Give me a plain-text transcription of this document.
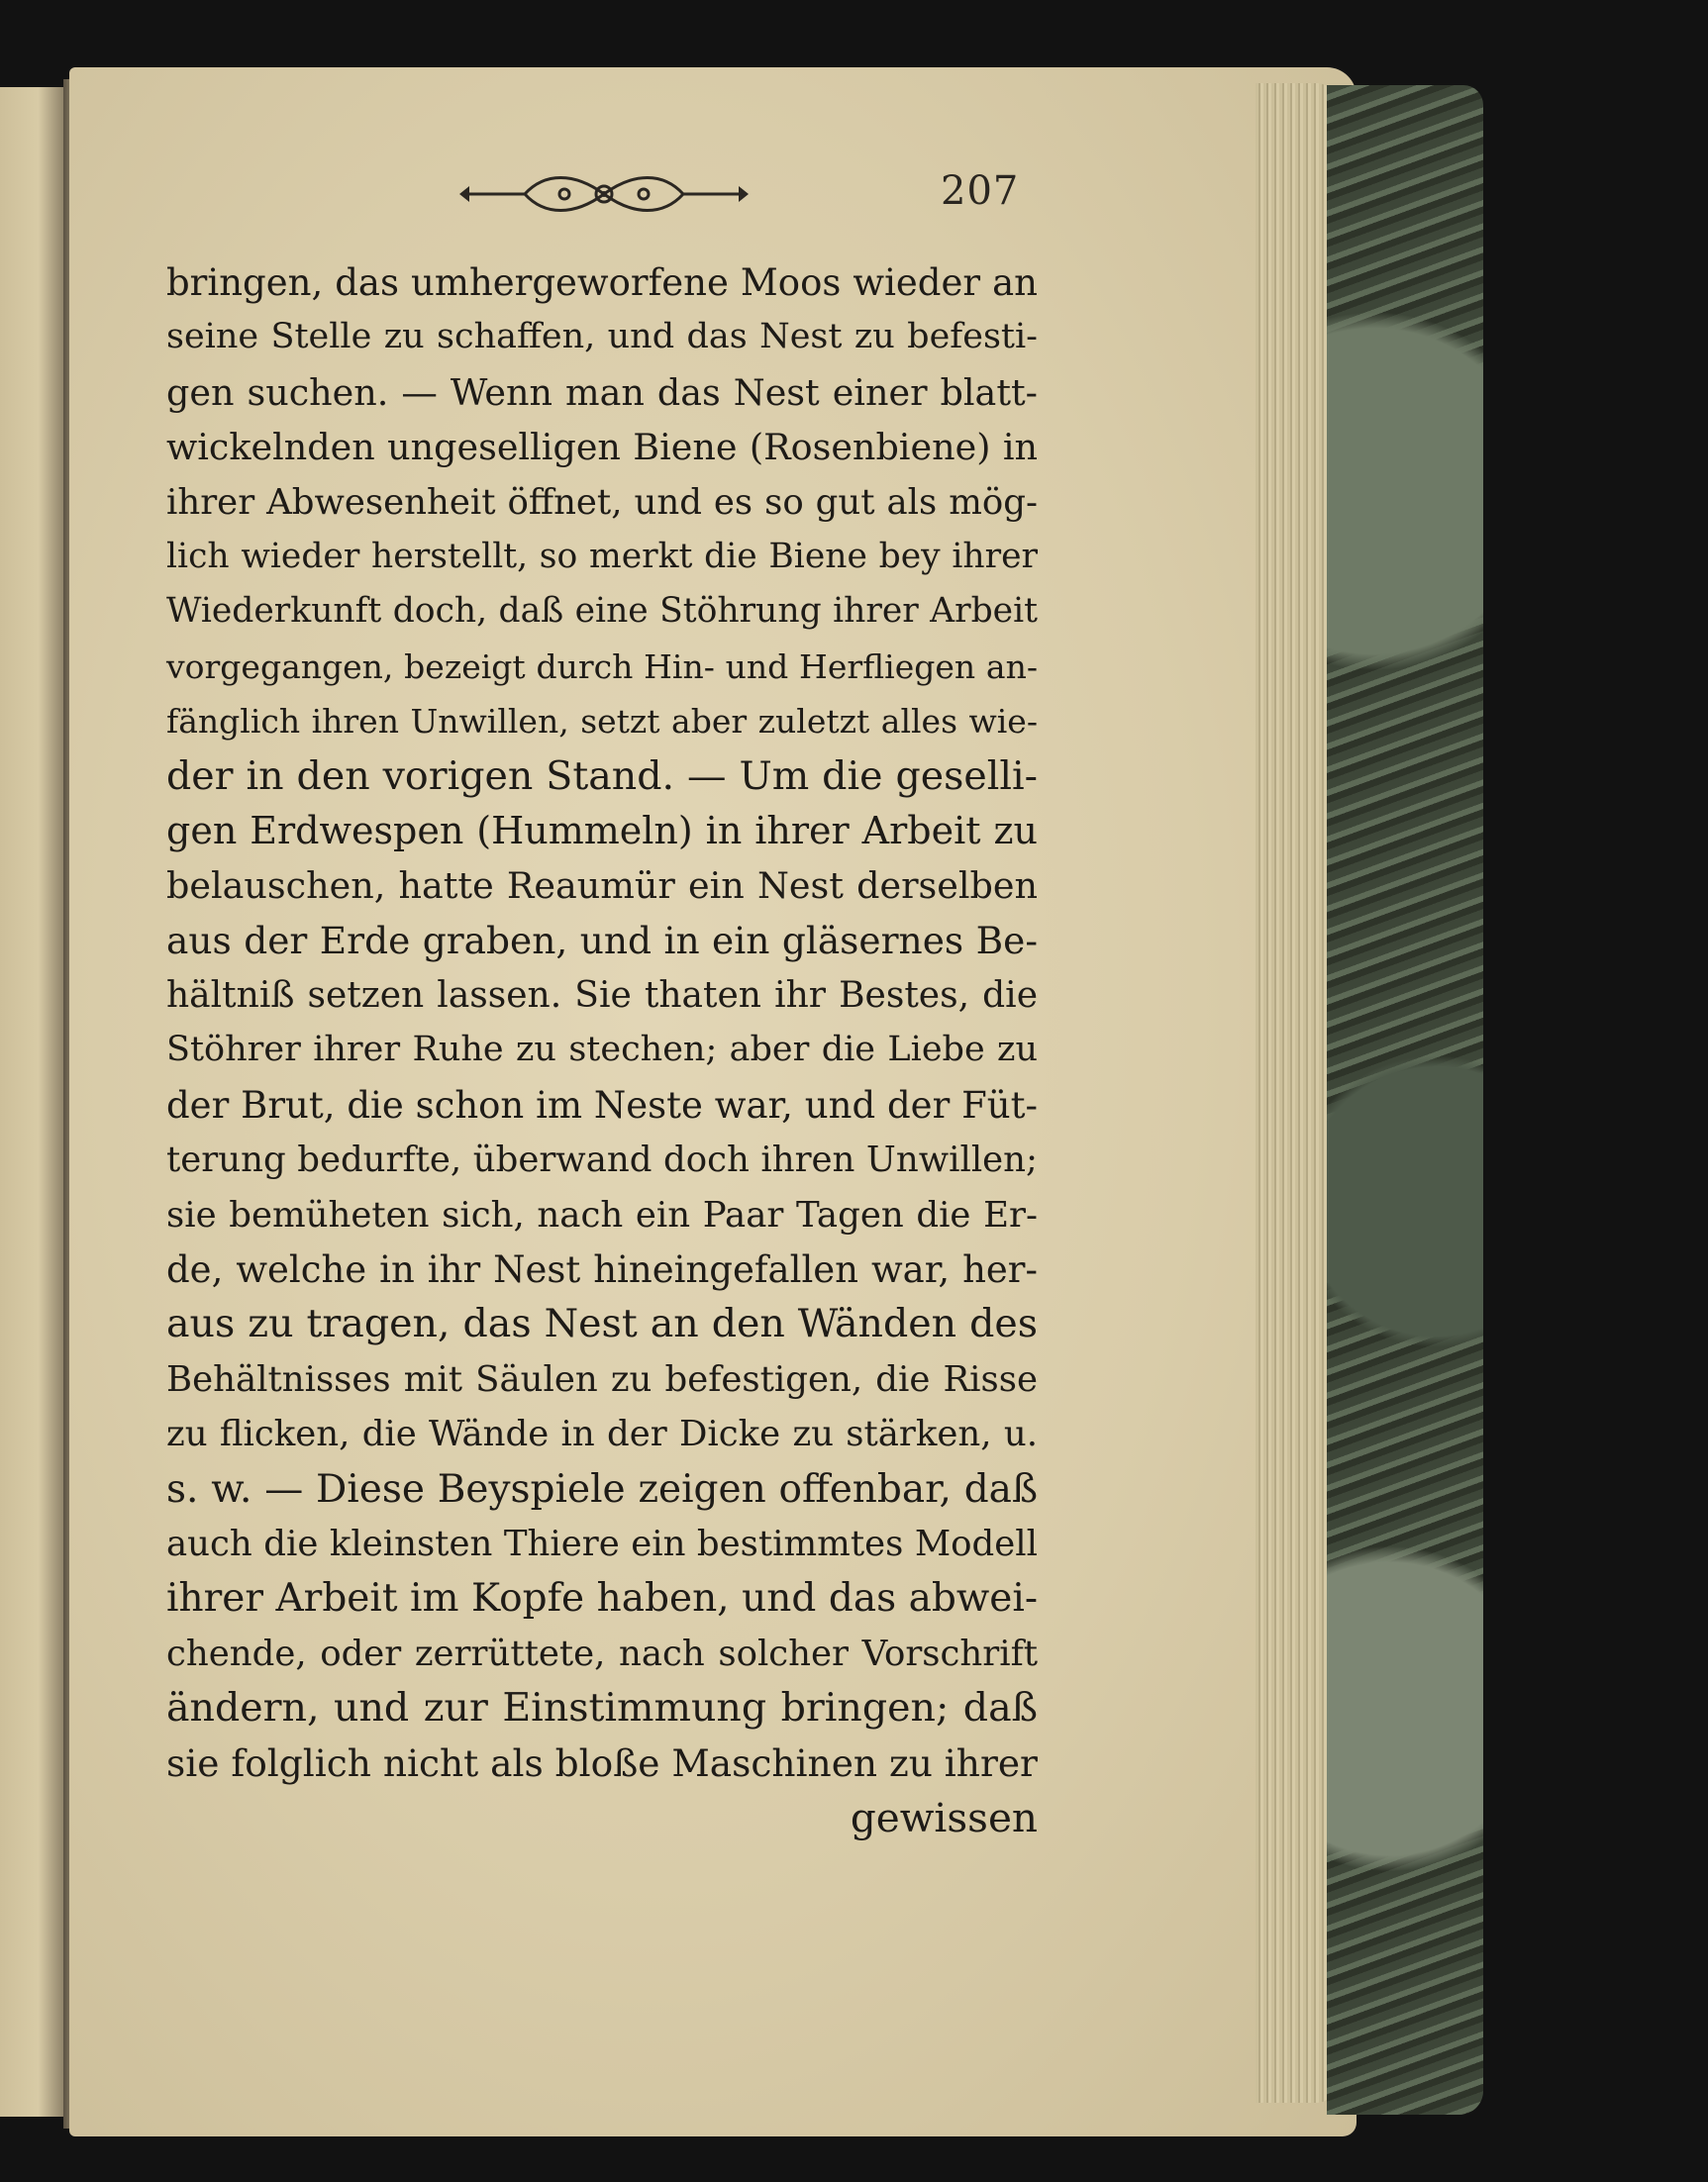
207
bringen, das umhergeworfene Moos wieder an
seine Stelle zu schaffen, und das Nest zu befesti-
gen suchen. — Wenn man das Nest einer blatt-
wickelnden ungeselligen Biene (Rosenbiene) in
ihrer Abwesenheit öffnet, und es so gut als mög-
lich wieder herstellt, so merkt die Biene bey ihrer
Wiederkunft doch, daß eine Stöhrung ihrer Arbeit
vorgegangen, bezeigt durch Hin- und Herfliegen an-
fänglich ihren Unwillen, setzt aber zuletzt alles wie-
der in den vorigen Stand. — Um die geselli-
gen Erdwespen (Hummeln) in ihrer Arbeit zu
belauschen, hatte Reaumür ein Nest derselben
aus der Erde graben, und in ein gläsernes Be-
hältniß setzen lassen. Sie thaten ihr Bestes, die
Stöhrer ihrer Ruhe zu stechen; aber die Liebe zu
der Brut, die schon im Neste war, und der Füt-
terung bedurfte, überwand doch ihren Unwillen;
sie bemüheten sich, nach ein Paar Tagen die Er-
de, welche in ihr Nest hineingefallen war, her-
aus zu tragen, das Nest an den Wänden des
Behältnisses mit Säulen zu befestigen, die Risse
zu flicken, die Wände in der Dicke zu stärken, u.
s. w. — Diese Beyspiele zeigen offenbar, daß
auch die kleinsten Thiere ein bestimmtes Modell
ihrer Arbeit im Kopfe haben, und das abwei-
chende, oder zerrüttete, nach solcher Vorschrift
ändern, und zur Einstimmung bringen; daß
sie folglich nicht als bloße Maschinen zu ihrer
gewissen
